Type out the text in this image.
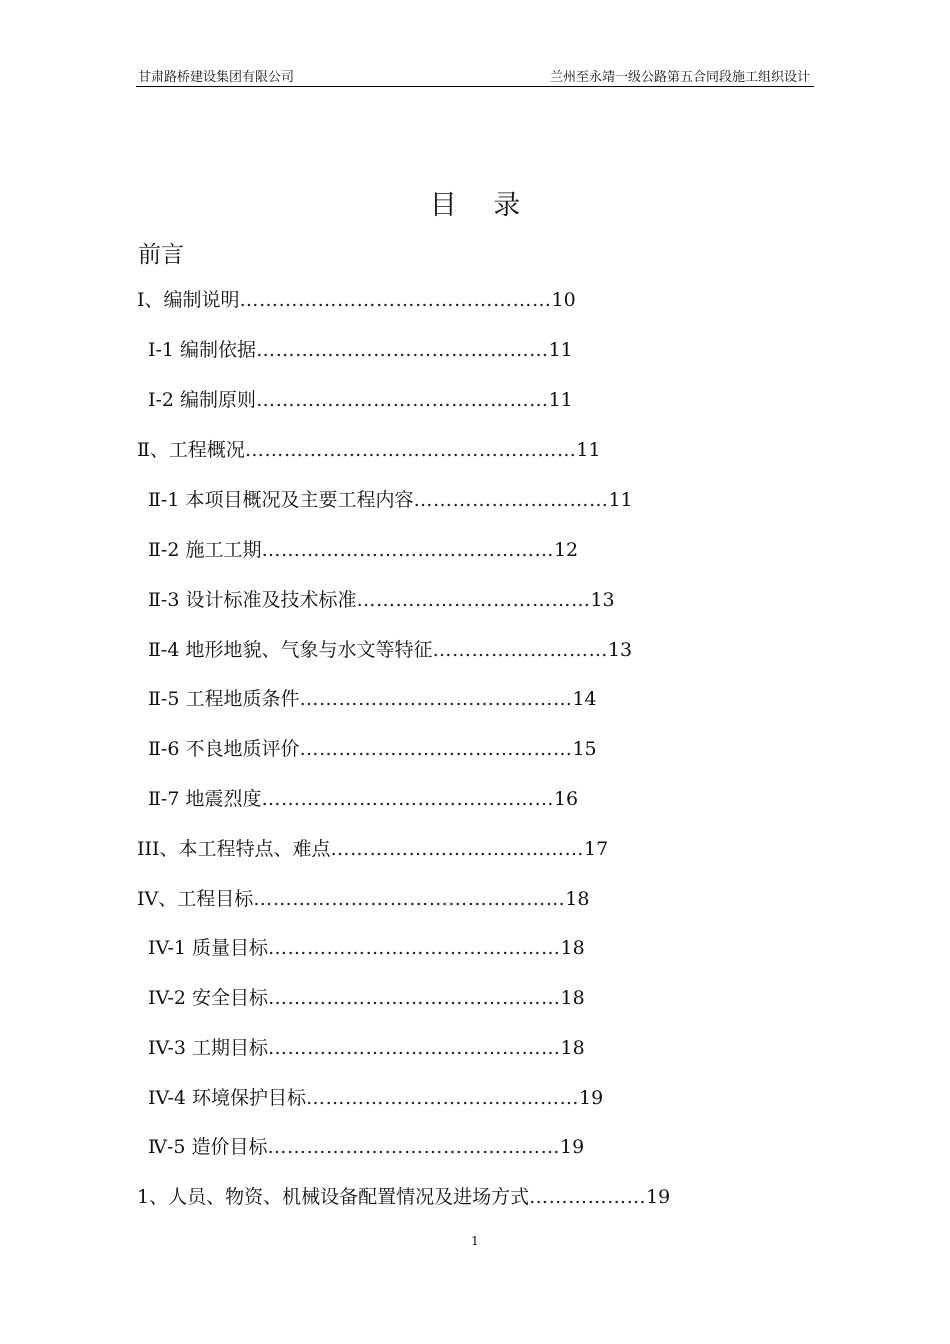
甘肃路桥建设集团有限公司	兰州至永靖一级公路第五合同段施工组织设计
目 录
前言
Ⅰ、编制说明…………………………………………10
Ⅰ-1 编制依据………………………………………11
Ⅰ-2 编制原则………………………………………11
Ⅱ、工程概况……………………………………………11
Ⅱ-1 本项目概况及主要工程内容…………………………11
Ⅱ-2 施工工期………………………………………12
Ⅱ-3 设计标准及技术标准………………………………13
Ⅱ-4 地形地貌、气象与水文等特征………………………13
Ⅱ-5 工程地质条件……………………………………14
Ⅱ-6 不良地质评价……………………………………15
Ⅱ-7 地震烈度………………………………………16
III、本工程特点、难点…………………………………17
IV、工程目标…………………………………………18
IV-1 质量目标………………………………………18
IV-2 安全目标………………………………………18
IV-3 工期目标………………………………………18
IV-4 环境保护目标……………………………………19
Ⅳ-5 造价目标………………………………………19
1、人员、物资、机械设备配置情况及进场方式………………19
1
